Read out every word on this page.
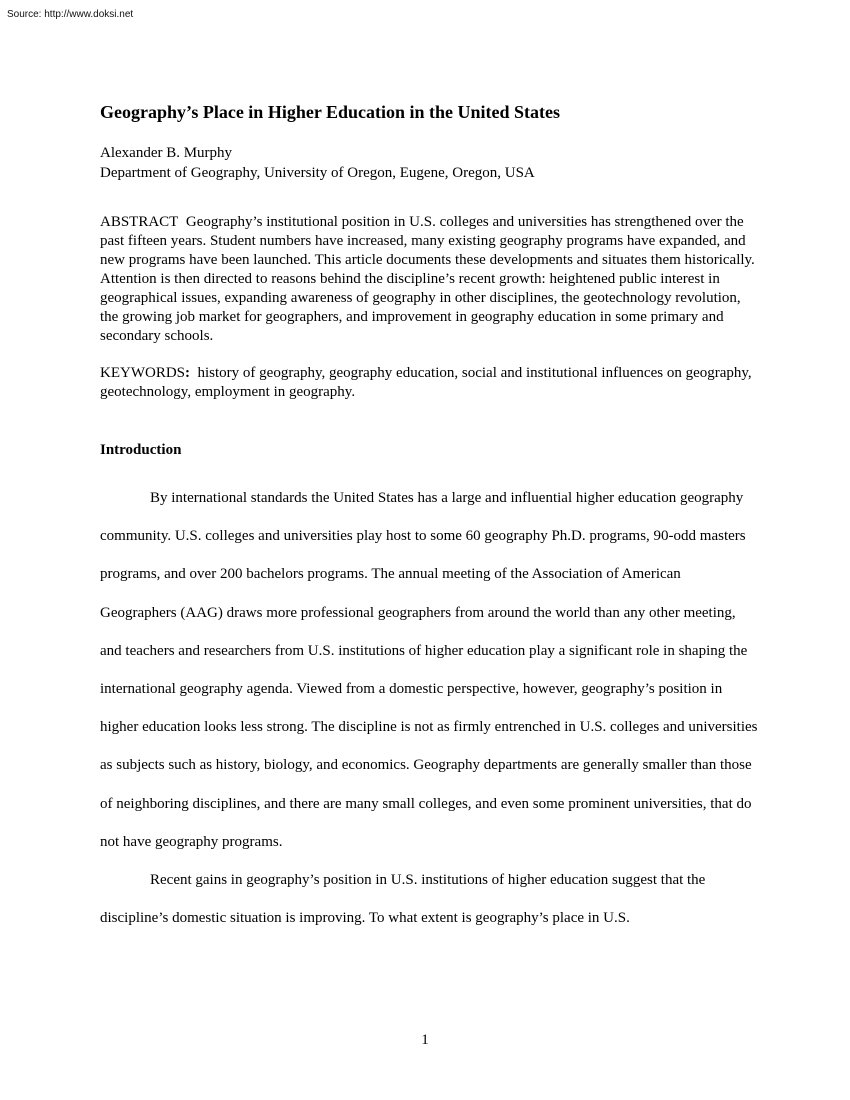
Source: http://www.doksi.net
Geography’s Place in Higher Education in the United States
Alexander B. Murphy
Department of Geography, University of Oregon, Eugene, Oregon, USA
ABSTRACT Geography’s institutional position in U.S. colleges and universities has strengthened over the past fifteen years. Student numbers have increased, many existing geography programs have expanded, and new programs have been launched. This article documents these developments and situates them historically. Attention is then directed to reasons behind the discipline’s recent growth: heightened public interest in geographical issues, expanding awareness of geography in other disciplines, the geotechnology revolution, the growing job market for geographers, and improvement in geography education in some primary and secondary schools.
KEYWORDS: history of geography, geography education, social and institutional influences on geography, geotechnology, employment in geography.
Introduction

By international standards the United States has a large and influential higher education geography community. U.S. colleges and universities play host to some 60 geography Ph.D. programs, 90-odd masters programs, and over 200 bachelors programs. The annual meeting of the Association of American Geographers (AAG) draws more professional geographers from around the world than any other meeting, and teachers and researchers from U.S. institutions of higher education play a significant role in shaping the international geography agenda. Viewed from a domestic perspective, however, geography’s position in higher education looks less strong. The discipline is not as firmly entrenched in U.S. colleges and universities as subjects such as history, biology, and economics. Geography departments are generally smaller than those of neighboring disciplines, and there are many small colleges, and even some prominent universities, that do not have geography programs.

Recent gains in geography’s position in U.S. institutions of higher education suggest that the discipline’s domestic situation is improving. To what extent is geography’s place in U.S.

1
